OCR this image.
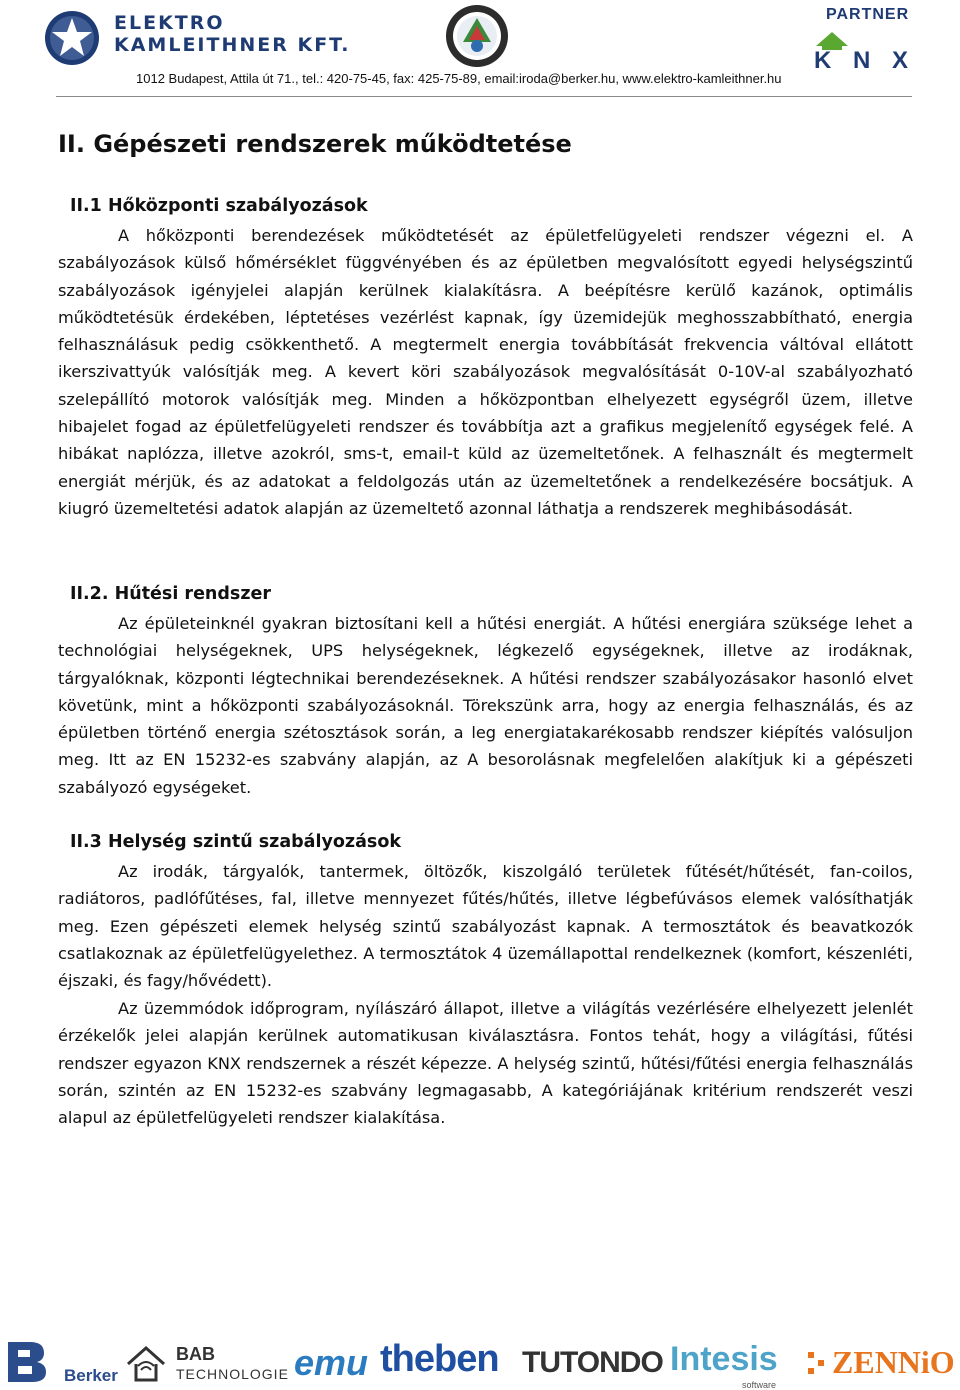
ELEKTRO
KAMLEITHNER KFT.
PARTNER
KNX
1012 Budapest, Attila út 71., tel.: 420-75-45, fax: 425-75-89, email:iroda@berker.hu, www.elektro-kamleithner.hu
II. Gépészeti rendszerek működtetése
II.1 Hőközponti szabályozások
A hőközponti berendezések működtetését az épületfelügyeleti rendszer végezni el. A szabályozások külső hőmérséklet függvényében és az épületben megvalósított egyedi helységszintű szabályozások igényjelei alapján kerülnek kialakításra. A beépítésre kerülő kazánok, optimális működtetésük érdekében, léptetéses vezérlést kapnak, így üzemidejük meghosszabbítható, energia felhasználásuk pedig csökkenthető. A megtermelt energia továbbítását frekvencia váltóval ellátott ikerszivattyúk valósítják meg. A kevert köri szabályozások megvalósítását 0-10V-al szabályozható szelepállító motorok valósítják meg. Minden a hőközpontban elhelyezett egységről üzem, illetve hibajelet fogad az épületfelügyeleti rendszer és továbbítja azt a grafikus megjelenítő egységek felé. A hibákat naplózza, illetve azokról, sms-t, email-t küld az üzemeltetőnek. A felhasznált és megtermelt energiát mérjük, és az adatokat a feldolgozás után az üzemeltetőnek a rendelkezésére bocsátjuk. A kiugró üzemeltetési adatok alapján az üzemeltető azonnal láthatja a rendszerek meghibásodását.
II.2. Hűtési rendszer
Az épületeinknél gyakran biztosítani kell a hűtési energiát. A hűtési energiára szüksége lehet a technológiai helységeknek, UPS helységeknek, légkezelő egységeknek, illetve az irodáknak, tárgyalóknak, központi légtechnikai berendezéseknek. A hűtési rendszer szabályozásakor hasonló elvet követünk, mint a hőközponti szabályozásoknál. Törekszünk arra, hogy az energia felhasználás, és az épületben történő energia szétosztások során, a leg energiatakarékosabb rendszer kiépítés valósuljon meg. Itt az EN 15232-es szabvány alapján, az A besorolásnak megfelelően alakítjuk ki a gépészeti szabályozó egységeket.
II.3 Helység szintű szabályozások
Az irodák, tárgyalók, tantermek, öltözők, kiszolgáló területek fűtését/hűtését, fan-coilos, radiátoros, padlófűtéses, fal, illetve mennyezet fűtés/hűtés, illetve légbefúvásos elemek valósíthatják meg. Ezen gépészeti elemek helység szintű szabályozást kapnak. A termosztátok és beavatkozók csatlakoznak az épületfelügyelethez. A termosztátok 4 üzemállapottal rendelkeznek (komfort, készenléti, éjszaki, és fagy/hővédett).
Az üzemmódok időprogram, nyílászáró állapot, illetve a világítás vezérlésére elhelyezett jelenlét érzékelők jelei alapján kerülnek automatikusan kiválasztásra. Fontos tehát, hogy a világítási, fűtési rendszer egyazon KNX rendszernek a részét képezze. A helység szintű, hűtési/fűtési energia felhasználás során, szintén az EN 15232-es szabvány legmagasabb, A kategóriájának kritérium rendszerét veszi alapul az épületfelügyeleti rendszer kialakítása.
Berker
BAB
TECHNOLOGIE emu theben TUTONDO Intesis
software
ZENNiO
